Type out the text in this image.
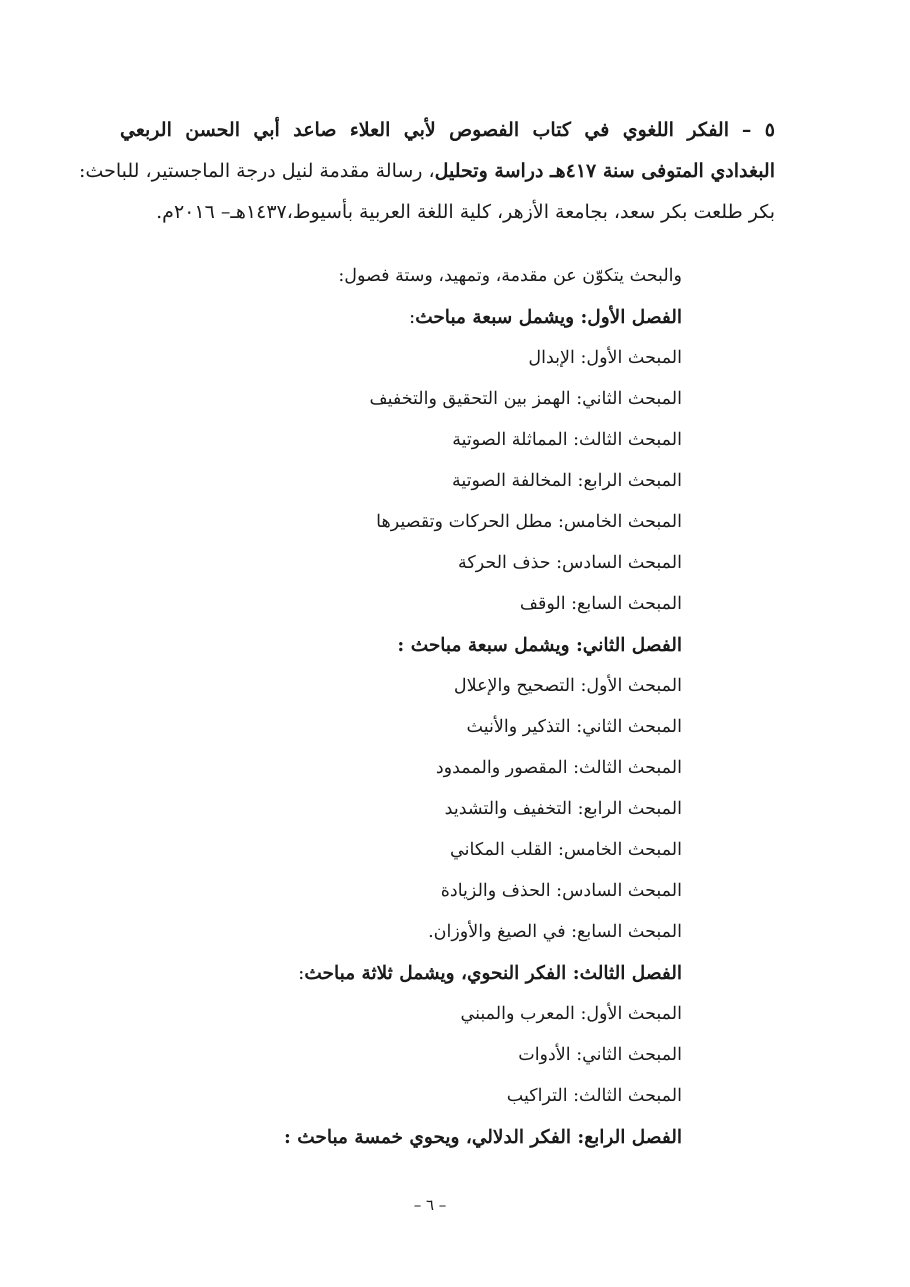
٥ – الفكر اللغوي في كتاب الفصوص لأبي العلاء صاعد أبي الحسن الربعي
البغدادي المتوفى سنة ٤١٧هـ دراسة وتحليل، رسالة مقدمة لنيل درجة الماجستير، للباحث:
بكر طلعت بكر سعد، بجامعة الأزهر، كلية اللغة العربية بأسيوط،١٤٣٧هـ– ٢٠١٦م.
والبحث يتكوّن عن مقدمة، وتمهيد، وستة فصول:
الفصل الأول: ويشمل سبعة مباحث:
المبحث الأول: الإبدال
المبحث الثاني: الهمز بين التحقيق والتخفيف
المبحث الثالث: المماثلة الصوتية
المبحث الرابع: المخالفة الصوتية
المبحث الخامس: مطل الحركات وتقصيرها
المبحث السادس: حذف الحركة
المبحث السابع: الوقف
الفصل الثاني: ويشمل سبعة مباحث :
المبحث الأول: التصحيح والإعلال
المبحث الثاني: التذكير والأنيث
المبحث الثالث: المقصور والممدود
المبحث الرابع: التخفيف والتشديد
المبحث الخامس: القلب المكاني
المبحث السادس: الحذف والزيادة
المبحث السابع: في الصيغ والأوزان.
الفصل الثالث: الفكر النحوي، ويشمل ثلاثة مباحث:
المبحث الأول: المعرب والمبني
المبحث الثاني: الأدوات
المبحث الثالث: التراكيب
الفصل الرابع: الفكر الدلالي، ويحوي خمسة مباحث :
– ٦ –
